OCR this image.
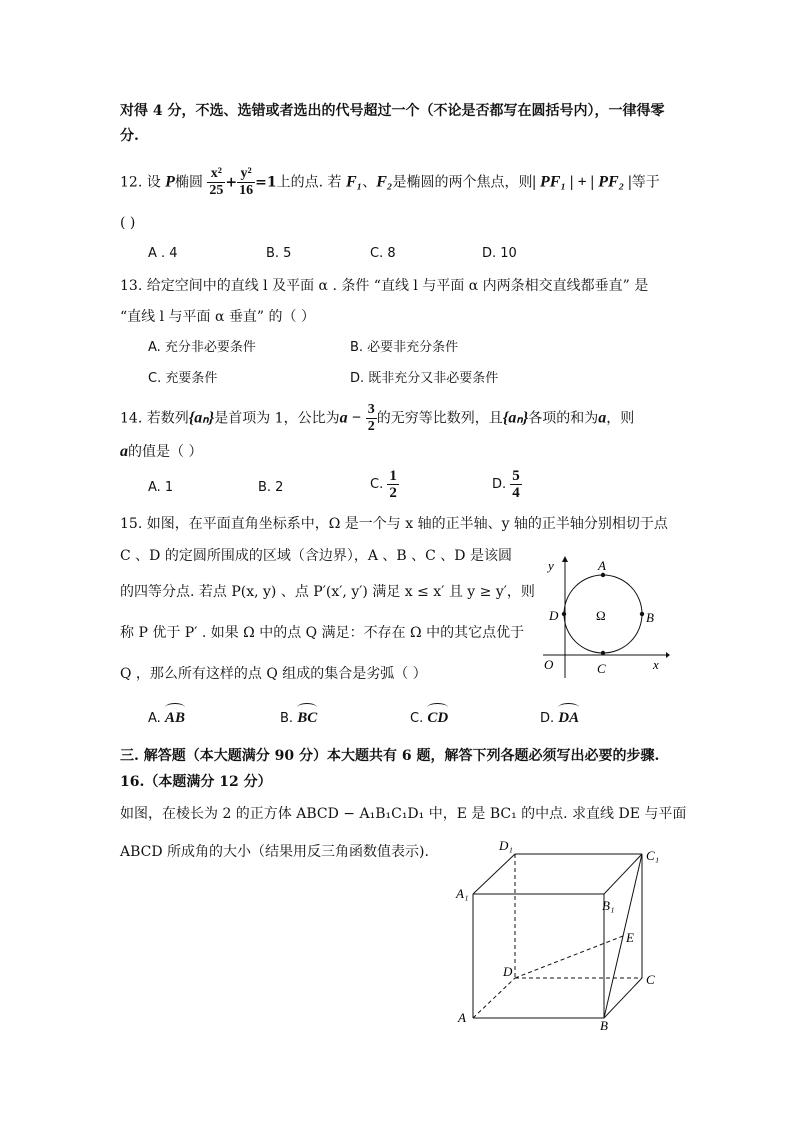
对得 4 分，不选、选错或者选出的代号超过一个（不论是否都写在圆括号内），一律得零
分.
12. 设 P椭圆 $\frac{\text{x²}}{25} + \frac{\text{y²}}{16} =1$上的点. 若 F₁、F₂是椭圆的两个焦点，则| PF₁ | + | PF₂ |等于
( )
A . 4	B. 5	C. 8	D. 10
13. 给定空间中的直线 l 及平面 α . 条件 “直线 l 与平面 α 内两条相交直线都垂直” 是
“直线 l 与平面 α 垂直” 的（ ）
A. 充分非必要条件	B. 必要非充分条件
C. 充要条件	D. 既非充分又非必要条件
14. 若数列{aₙ}是首项为 1，公比为$a - \frac{3}{2}$ 的无穷等比数列，且{aₙ}各项的和为a，则
a的值是（ ）
A. 1	B. 2	C. $\frac{1}{2}$	D. $\frac{5}{4}$
15. 如图，在平面直角坐标系中，Ω 是一个与 x 轴的正半轴、y 轴的正半轴分别相切于点
C 、D 的定圆所围成的区域（含边界），A 、B 、C 、D 是该圆
的四等分点. 若点 P(x, y) 、点 P′(x′, y′) 满足 x ≤ x′ 且 y ≥ y′，则
称 P 优于 P′ . 如果 Ω 中的点 Q 满足：不存在 Ω 中的其它点优于
Q ，那么所有这样的点 Q 组成的集合是劣弧（ ）
y
x
O
A
B
C
D	Ω
A. AB	B. BC	C. CD	D. DA
三. 解答题（本大题满分 90 分）本大题共有 6 题，解答下列各题必须写出必要的步骤.
16.（本题满分 12 分）
如图，在棱长为 2 的正方体 ABCD − A₁B₁C₁D₁ 中，E 是 BC₁ 的中点. 求直线 DE 与平面
ABCD 所成角的大小（结果用反三角函数值表示).	D₁
C₁
A₁
B₁
E
D
C
A
B
